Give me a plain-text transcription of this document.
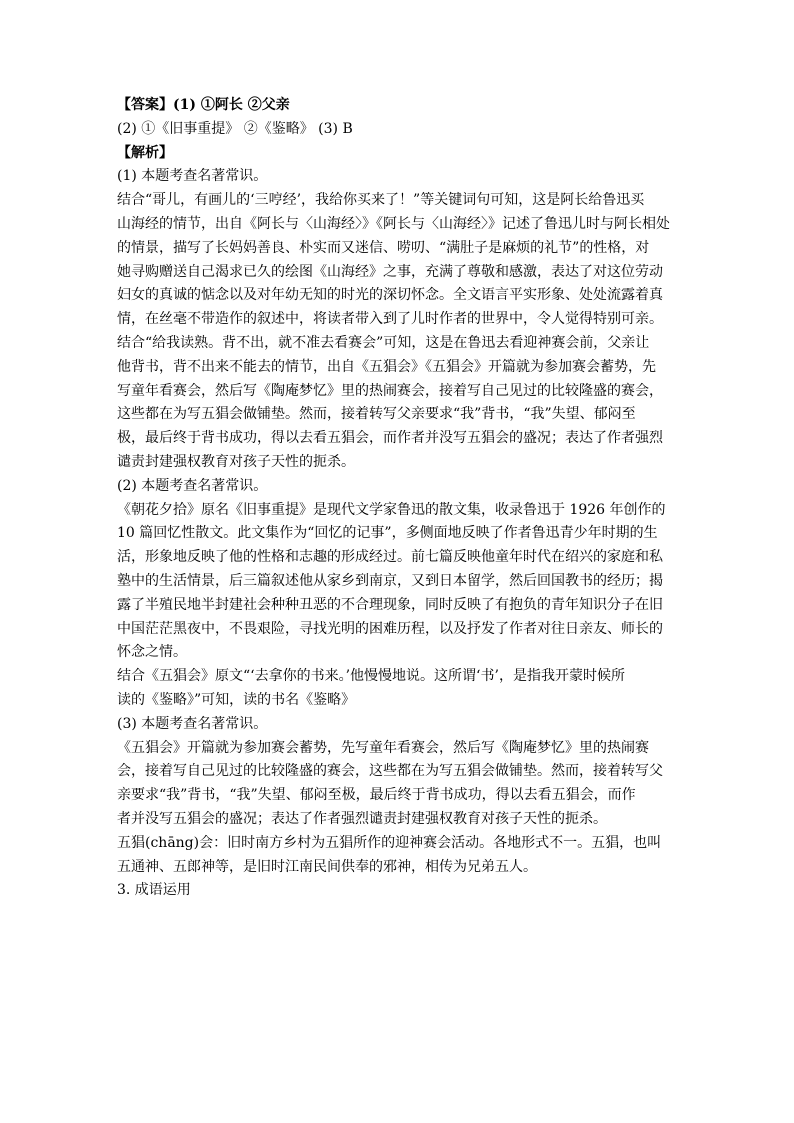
【答案】(1) ①阿长 ②父亲
(2) ①《旧事重提》 ②《鉴略》 (3) B
【解析】
(1) 本题考查名著常识。
结合“哥儿，有画儿的‘三哼经’，我给你买来了！”等关键词句可知，这是阿长给鲁迅买
山海经的情节，出自《阿长与〈山海经〉》《阿长与〈山海经〉》记述了鲁迅儿时与阿长相处
的情景，描写了长妈妈善良、朴实而又迷信、唠叨、“满肚子是麻烦的礼节”的性格，对
她寻购赠送自己渴求已久的绘图《山海经》之事，充满了尊敬和感激，表达了对这位劳动
妇女的真诚的惦念以及对年幼无知的时光的深切怀念。全文语言平实形象、处处流露着真
情，在丝毫不带造作的叙述中，将读者带入到了儿时作者的世界中，令人觉得特别可亲。
结合“给我读熟。背不出，就不准去看赛会”可知，这是在鲁迅去看迎神赛会前，父亲让
他背书，背不出来不能去的情节，出自《五猖会》《五猖会》开篇就为参加赛会蓄势，先
写童年看赛会，然后写《陶庵梦忆》里的热闹赛会，接着写自己见过的比较隆盛的赛会，
这些都在为写五猖会做铺垫。然而，接着转写父亲要求“我”背书，“我”失望、郁闷至
极，最后终于背书成功，得以去看五猖会，而作者并没写五猖会的盛况；表达了作者强烈
谴责封建强权教育对孩子天性的扼杀。
(2) 本题考查名著常识。
《朝花夕拾》原名《旧事重提》是现代文学家鲁迅的散文集，收录鲁迅于 1926 年创作的
10 篇回忆性散文。此文集作为“回忆的记事”，多侧面地反映了作者鲁迅青少年时期的生
活，形象地反映了他的性格和志趣的形成经过。前七篇反映他童年时代在绍兴的家庭和私
塾中的生活情景，后三篇叙述他从家乡到南京，又到日本留学，然后回国教书的经历；揭
露了半殖民地半封建社会种种丑恶的不合理现象，同时反映了有抱负的青年知识分子在旧
中国茫茫黑夜中，不畏艰险，寻找光明的困难历程，以及抒发了作者对往日亲友、师长的
怀念之情。
结合《五猖会》原文“‘去拿你的书来。’他慢慢地说。这所谓‘书’，是指我开蒙时候所
读的《鉴略》”可知，读的书名《鉴略》
(3) 本题考查名著常识。
《五猖会》开篇就为参加赛会蓄势，先写童年看赛会，然后写《陶庵梦忆》里的热闹赛
会，接着写自己见过的比较隆盛的赛会，这些都在为写五猖会做铺垫。然而，接着转写父
亲要求“我”背书，“我”失望、郁闷至极，最后终于背书成功，得以去看五猖会，而作
者并没写五猖会的盛况；表达了作者强烈谴责封建强权教育对孩子天性的扼杀。
五猖(chāng)会：旧时南方乡村为五猖所作的迎神赛会活动。各地形式不一。五猖，也叫
五通神、五郎神等，是旧时江南民间供奉的邪神，相传为兄弟五人。
3. 成语运用
